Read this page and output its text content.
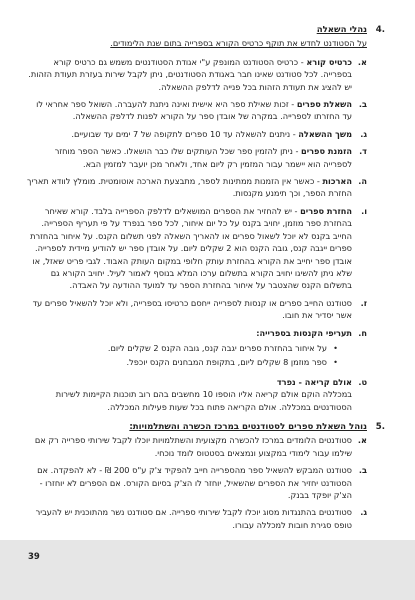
.4
נהלי השאלה
על הסטודנט לחדש את תוקף כרטיס הקורא בספרייה בתום שנת הלימודים.
א.
כרטיס קורא - כרטיס הסטודנט המונפק ע"י אגודת הסטודנטים משמש גם כרטיס קורא בספרייה. לכל סטודנט שאינו חבר באגודת הסטודנטים, ניתן לקבל שירות בעזרת תעודת הזהות. יש להציג את תעודת הזהות בכל פנייה לדלפק ההשאלה.
ב.
השאלת ספרים - זכות שאילת ספר היא אישית ואינה ניתנת להעברה. השואל ספר אחראי לו עד החזרתו לספרייה. במקרה של אובדן ספר על הקורא לפנות לדלפק ההשאלה.
ג.
משך ההשאלה - ניתנים להשאלה עד 10 ספרים לתקופה של 7 ימים עד שבועיים.
ד.
הזמנת ספרים - ניתן להזמין ספר שכל העותקים שלו כבר הושאלו. כאשר הספר מוחזר לספרייה הוא יישמר עבור המזמין רק ליום אחד, ולאחר מכן יועבר למזמין הבא.
ה.
הארכות - כאשר אין הזמנות ממתינות לספר, מתבצעת הארכה אוטומטית. מומלץ לוודא תאריך החזרת הספר, וכך תימנע מקנסות.
ו.
החזרת ספרים - יש להחזיר את הספרים המושאלים לדלפק הספרייה בלבד. קורא שאיחר בהחזרת ספר מוזמן, יחויב בקנס על כל יום איחור, לכל ספר בנפרד על פי תעריף הספרייה. החייב בקנס לא יוכל לשאול ספרים או להאריך השאלה לפני תשלום הקנס. על איחור בהחזרת ספרים ייגבה קנס, גובה הקנס הוא 2 שקלים ליום. על אובדן ספר יש להודיע מיידית לספרייה. אובדן ספר יחייב את הקורא בהחזרת עותק חלופי במקום העותק האבוד. לגבי פריט שאזל, או שלא ניתן להשיגו יחויב הקורא בתשלום ערכו המלא בנוסף לאמור לעיל. יחויב הקורא גם בתשלום הקנס שהצטבר על איחור בהחזרת הספר עד למועד ההודעה על האבדה.
ז.
סטודנט החייב ספרים או קנסות לספרייה ייחסם כרטיסו בספרייה, ולא יוכל להשאיל ספרים עד אשר יסדיר את חובו.
ח.
תעריפי הקנסות בספרייה:
•
על איחור בהחזרת ספרים יגבה קנס, גובה הקנס 2 שקלים ליום.
•
ספר מוזמן 8 שקלים ליום, בתקופת המבחנים הקנס יוכפל.
ט.
אולם קריאה - נפרד
במכללה הוקם אולם קריאה אליו הוספו 10 מחשבים בהם רוב תוכנות הקיימות לשירות הסטודנטים במכללה. אולם הקריאה פתוח בכל שעות פעילות המכללה.
.5
נוהל השאלת ספרים לסטודנטים במרכז הכשרה והשתלמויות:
א.
סטודנטים הלומדים במרכז להכשרה מקצועית והשתלמויות יוכלו לקבל שירותי ספרייה רק אם שילמו עבור לימודי במקצוע ונמצאים בסטטוס לומד נוכחי.
ב.
סטודנט המבקש להשאיל ספר מהספרייה חייב להפקיד צ'ק ע"ס 200 ₪ - לא להפקדה. אם הסטודנט יחזיר את הספרים שהשאיל, יוחזר לו הצ'ק בסיום הקורס. אם הספרים לא יוחזרו - הצ'ק יופקד בבנק.
ג.
סטודנטים בהתנגדות מסוג יוכלו לקבל שירותי ספרייה. אם סטודנט נשר מהתוכנית יש להעביר טופס סגירת חובות למכללה עבורו.
39
